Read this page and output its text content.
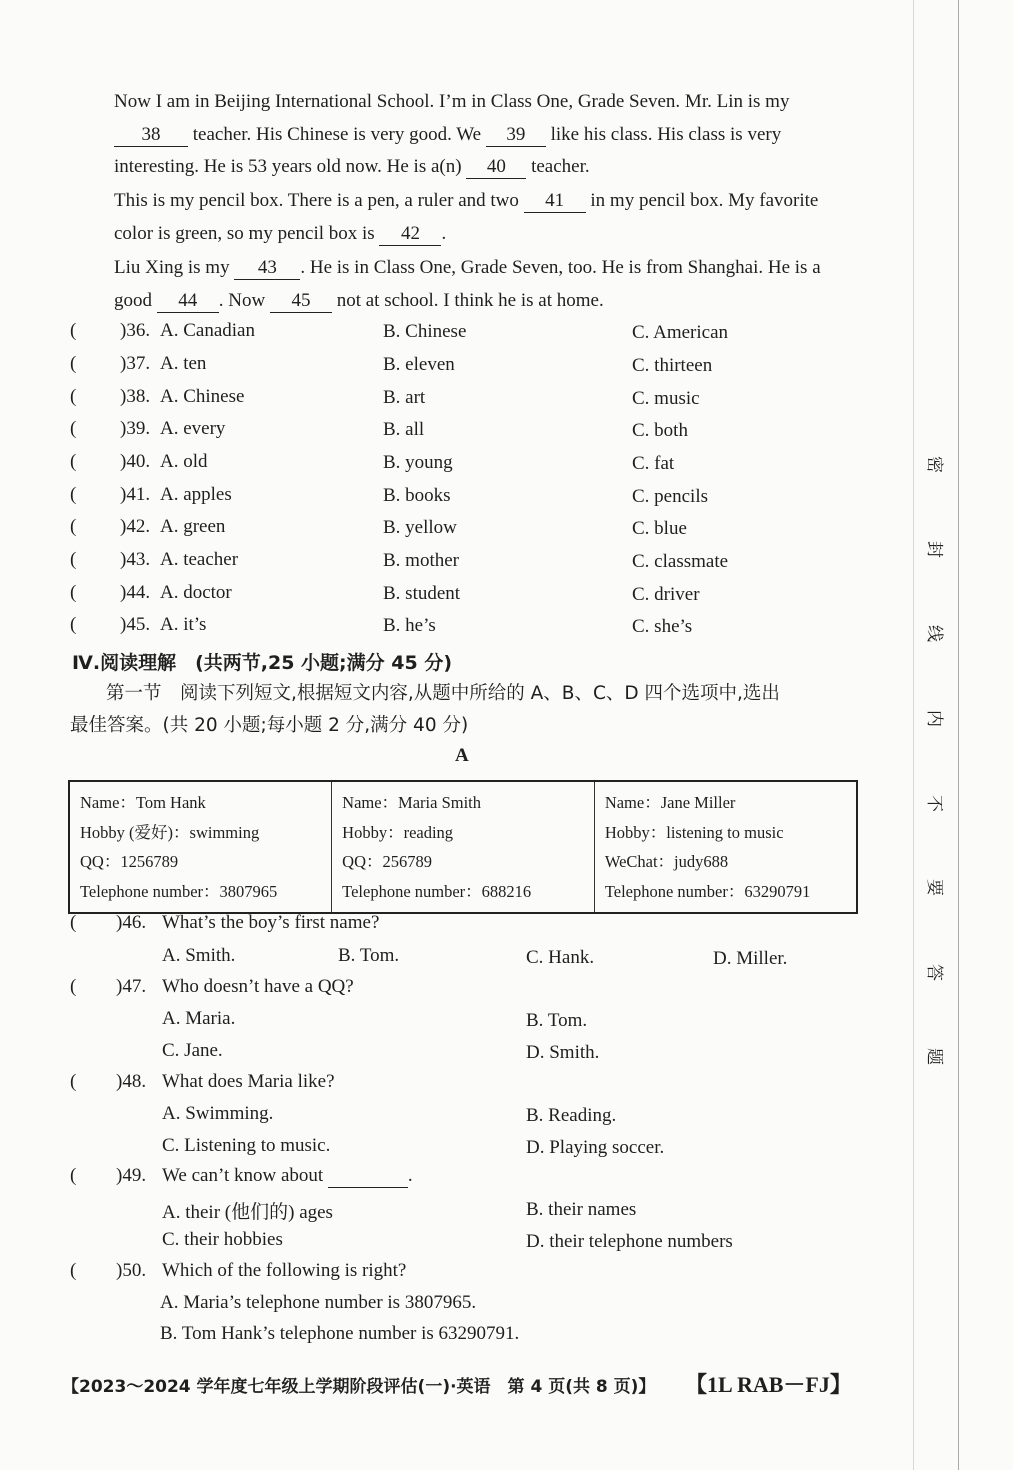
Now I am in Beijing International School. I’m in Class One, Grade Seven. Mr. Lin is my 38 teacher. His Chinese is very good. We 39 like his class. His class is very interesting. He is 53 years old now. He is a(n) 40 teacher.
This is my pencil box. There is a pen, a ruler and two 41 in my pencil box. My favorite color is green, so my pencil box is 42 .
Liu Xing is my 43 . He is in Class One, Grade Seven, too. He is from Shanghai. He is a good 44 . Now 45 not at school. I think he is at home.
( )36. A. Canadian	B. Chinese	C. American
( )37. A. ten	B. eleven	C. thirteen
( )38. A. Chinese	B. art	C. music
( )39. A. every	B. all	C. both
( )40. A. old	B. young	C. fat
( )41. A. apples	B. books	C. pencils
( )42. A. green	B. yellow	C. blue
( )43. A. teacher	B. mother	C. classmate
( )44. A. doctor	B. student	C. driver
( )45. A. it’s	B. he’s	C. she’s
Ⅳ.阅读理解　(共两节,25 小题;满分 45 分)
第一节　阅读下列短文,根据短文内容,从题中所给的 A、B、C、D 四个选项中,选出
最佳答案。(共 20 小题;每小题 2 分,满分 40 分)
A
Name：Tom Hank
Hobby (爱好)：swimming
QQ：1256789
Telephone number：3807965

Name：Maria Smith
Hobby：reading
QQ：256789
Telephone number：688216

Name：Jane Miller
Hobby：listening to music
WeChat：judy688
Telephone number：63290791
(
)46. What’s the boy’s first name?
A. Smith.	B. Tom.	C. Hank.	D. Miller.
( )47. Who doesn’t have a QQ?
A. Maria.	B. Tom.
C. Jane.	D. Smith.
( )48. What does Maria like?
A. Swimming.	B. Reading.
C. Listening to music.	D. Playing soccer.
( )49. We can’t know about	.
A. their (他们的) ages	B. their names
C. their hobbies	D. their telephone numbers
( )50. Which of the following is right?
A. Maria’s telephone number is 3807965.
B. Tom Hank’s telephone number is 63290791.
【2023～2024 学年度七年级上学期阶段评估(一)·英语　第 4 页(共 8 页)】 【1L RAB－FJ】
密
封
线
内
不
要
答
题
